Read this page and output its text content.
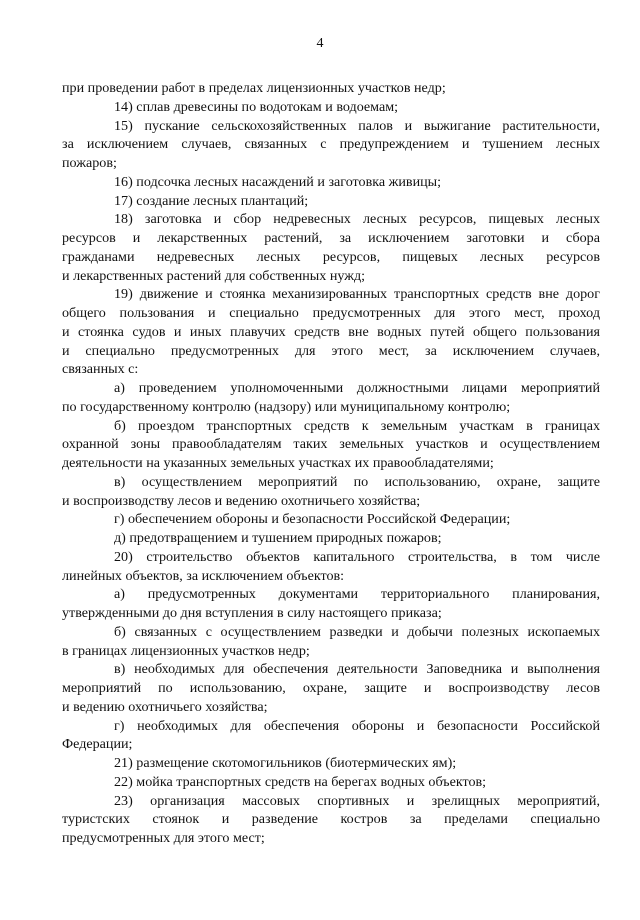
4
при проведении работ в пределах лицензионных участков недр;
14) сплав древесины по водотокам и водоемам;
15) пускание сельскохозяйственных палов и выжигание растительности,
за исключением случаев, связанных с предупреждением и тушением лесных
пожаров;
16) подсочка лесных насаждений и заготовка живицы;
17) создание лесных плантаций;
18) заготовка и сбор недревесных лесных ресурсов, пищевых лесных
ресурсов и лекарственных растений, за исключением заготовки и сбора
гражданами недревесных лесных ресурсов, пищевых лесных ресурсов
и лекарственных растений для собственных нужд;
19) движение и стоянка механизированных транспортных средств вне дорог
общего пользования и специально предусмотренных для этого мест, проход
и стоянка судов и иных плавучих средств вне водных путей общего пользования
и специально предусмотренных для этого мест, за исключением случаев,
связанных с:
а) проведением уполномоченными должностными лицами мероприятий
по государственному контролю (надзору) или муниципальному контролю;
б) проездом транспортных средств к земельным участкам в границах
охранной зоны правообладателям таких земельных участков и осуществлением
деятельности на указанных земельных участках их правообладателями;
в) осуществлением мероприятий по использованию, охране, защите
и воспроизводству лесов и ведению охотничьего хозяйства;
г) обеспечением обороны и безопасности Российской Федерации;
д) предотвращением и тушением природных пожаров;
20) строительство объектов капитального строительства, в том числе
линейных объектов, за исключением объектов:
а) предусмотренных документами территориального планирования,
утвержденными до дня вступления в силу настоящего приказа;
б) связанных с осуществлением разведки и добычи полезных ископаемых
в границах лицензионных участков недр;
в) необходимых для обеспечения деятельности Заповедника и выполнения
мероприятий по использованию, охране, защите и воспроизводству лесов
и ведению охотничьего хозяйства;
г) необходимых для обеспечения обороны и безопасности Российской
Федерации;
21) размещение скотомогильников (биотермических ям);
22) мойка транспортных средств на берегах водных объектов;
23) организация массовых спортивных и зрелищных мероприятий,
туристских стоянок и разведение костров за пределами специально
предусмотренных для этого мест;
